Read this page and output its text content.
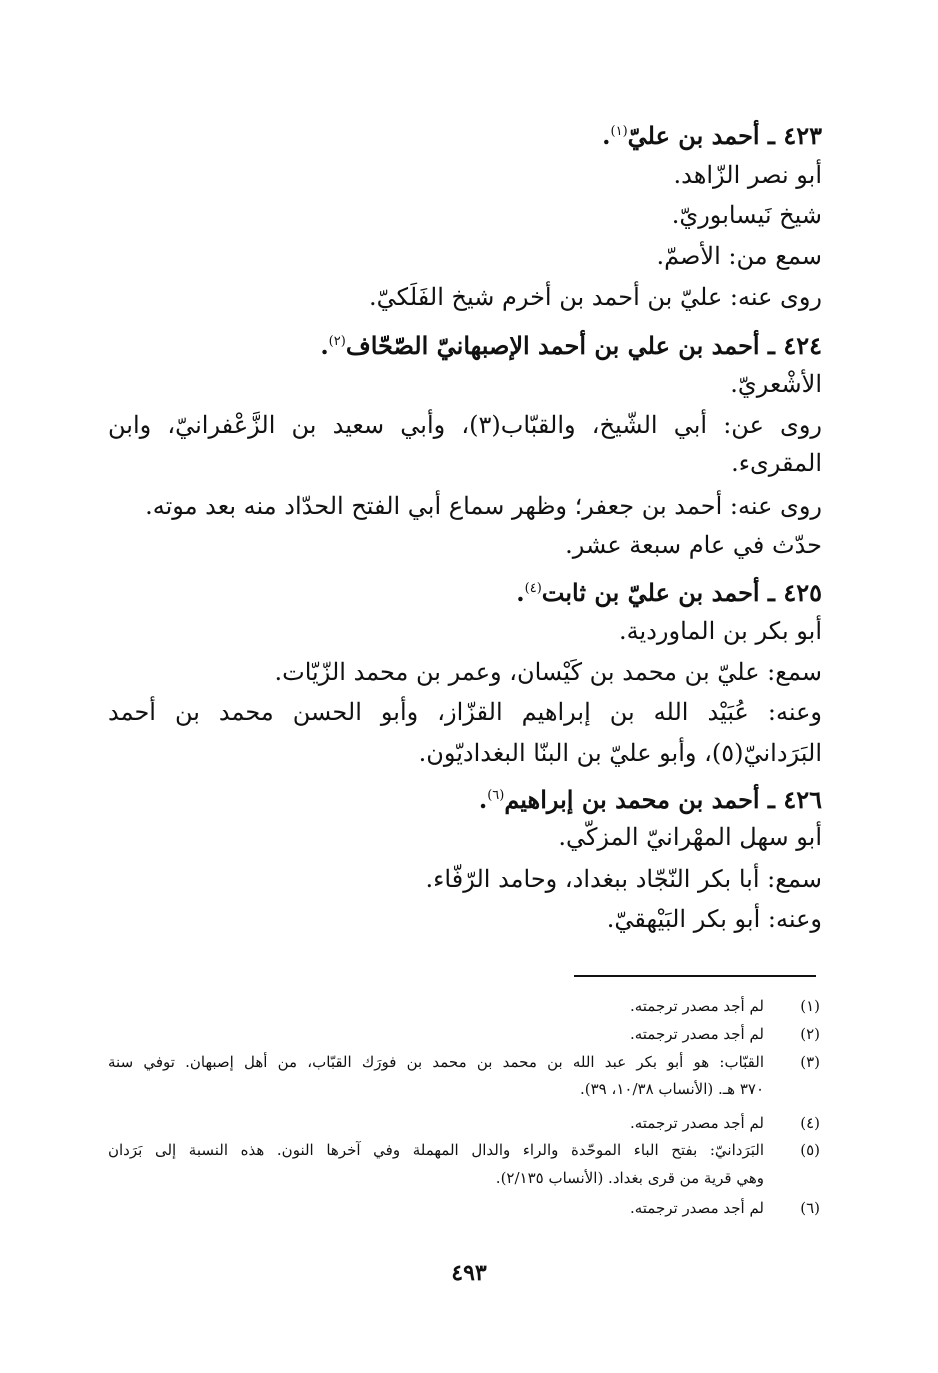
٤٢٣ ـ أحمد بن عليّ$^{(١)}$.
أبو نصر الزّاهد.
شيخ نَيسابوريّ.
سمع من: الأصمّ.
روى عنه: عليّ بن أحمد بن أخرم شيخ الفَلَكيّ.
٤٢٤ ـ أحمد بن علي بن أحمد الإصبهانيّ الصّحّاف$^{(٢)}$.
الأشْعريّ.
روى عن: أبي الشّيخ، والقبّاب(٣)، وأبي سعيد بن الزَّعْفرانيّ، وابن
المقرىء.
روى عنه: أحمد بن جعفر؛ وظهر سماع أبي الفتح الحدّاد منه بعد موته.
حدّث في عام سبعة عشر.
٤٢٥ ـ أحمد بن عليّ بن ثابت$^{(٤)}$.
أبو بكر بن الماوردية.
سمع: عليّ بن محمد بن كَيْسان، وعمر بن محمد الزّيّات.
وعنه: عُبَيْد الله بن إبراهيم القزّاز، وأبو الحسن محمد بن أحمد
البَرَدانيّ(٥)، وأبو عليّ بن البنّا البغداديّون.
٤٢٦ ـ أحمد بن محمد بن إبراهيم$^{(٦)}$.
أبو سهل المهْرانيّ المزكّي.
سمع: أبا بكر النّجّاد ببغداد، وحامد الرّفّاء.
وعنه: أبو بكر البَيْهقيّ.
(١)
لم أجد مصدر ترجمته.
(٢)
لم أجد مصدر ترجمته.
(٣)
القبّاب: هو أبو بكر عبد الله بن محمد بن محمد بن فورَك القبّاب، من أهل إصبهان. توفي سنة
٣٧٠ هـ. (الأنساب ١٠/٣٨، ٣٩).
(٤)
لم أجد مصدر ترجمته.
(٥)
البَرَدانيّ: بفتح الباء الموحّدة والراء والدال المهملة وفي آخرها النون. هذه النسبة إلى بَرَدان
وهي قرية من قرى بغداد. (الأنساب ٢/١٣٥).
(٦)
لم أجد مصدر ترجمته.
٤٩٣
